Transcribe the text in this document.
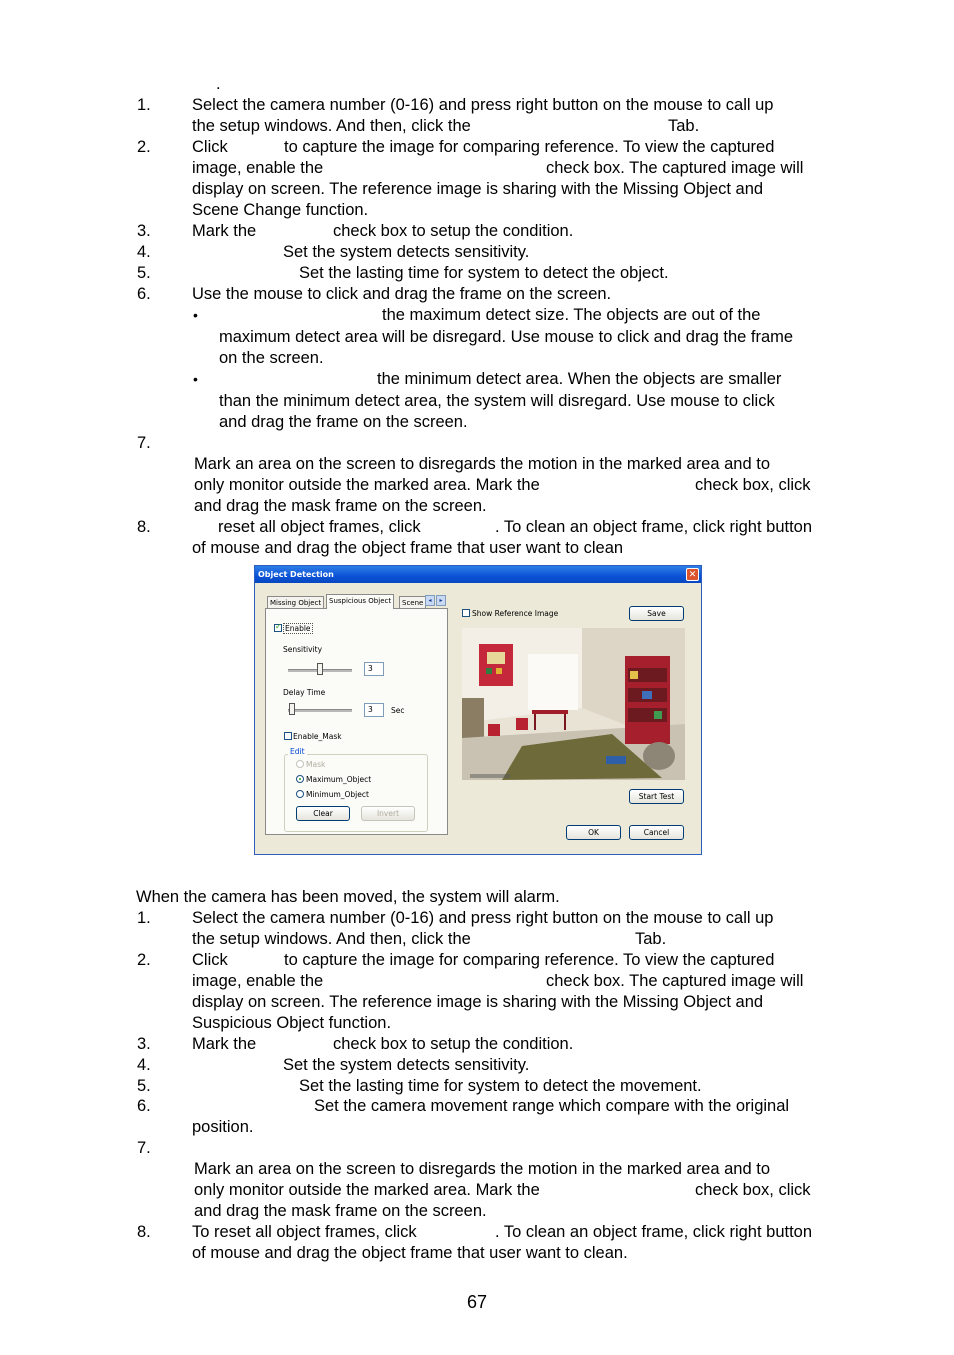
.
1. Select the camera number (0-16) and press right button on the mouse to call up
the setup windows. And then, click the	Tab.
2. Click	to capture the image for comparing reference. To view the captured
image, enable the	check box. The captured image will
display on screen. The reference image is sharing with the Missing Object and
Scene Change function.
3. Mark the	check box to setup the condition.
4.	Set the system detects sensitivity.
5.	Set the lasting time for system to detect the object.
6. Use the mouse to click and drag the frame on the screen.
•	the maximum detect size. The objects are out of the
maximum detect area will be disregard. Use mouse to click and drag the frame
on the screen.
•	the minimum detect area. When the objects are smaller
than the minimum detect area, the system will disregard. Use mouse to click
and drag the frame on the screen.
7.
Mark an area on the screen to disregards the motion in the marked area and to
only monitor outside the marked area. Mark the	check box, click
and drag the mask frame on the screen.
8.	reset all object frames, click	. To clean an object frame, click right button
of mouse and drag the object frame that user want to clean
Object Detection	✕
Missing Object	Suspicious Object	Scene ◂	▸
✓
Enable
Sensitivity
3
Delay Time
3	Sec
Enable_Mask
Edit
Mask
Maximum_Object
Minimum_Object
Clear	Invert
Show Reference Image	Save
Start Test
OK	Cancel
When the camera has been moved, the system will alarm.
1. Select the camera number (0-16) and press right button on the mouse to call up
the setup windows. And then, click the	Tab.
2. Click	to capture the image for comparing reference. To view the captured
image, enable the	check box. The captured image will
display on screen. The reference image is sharing with the Missing Object and
Suspicious Object function.
3. Mark the	check box to setup the condition.
4.	Set the system detects sensitivity.
5.	Set the lasting time for system to detect the movement.
6.	Set the camera movement range which compare with the original
position.
7.
Mark an area on the screen to disregards the motion in the marked area and to
only monitor outside the marked area. Mark the	check box, click
and drag the mask frame on the screen.
8. To reset all object frames, click	. To clean an object frame, click right button
of mouse and drag the object frame that user want to clean.
67
